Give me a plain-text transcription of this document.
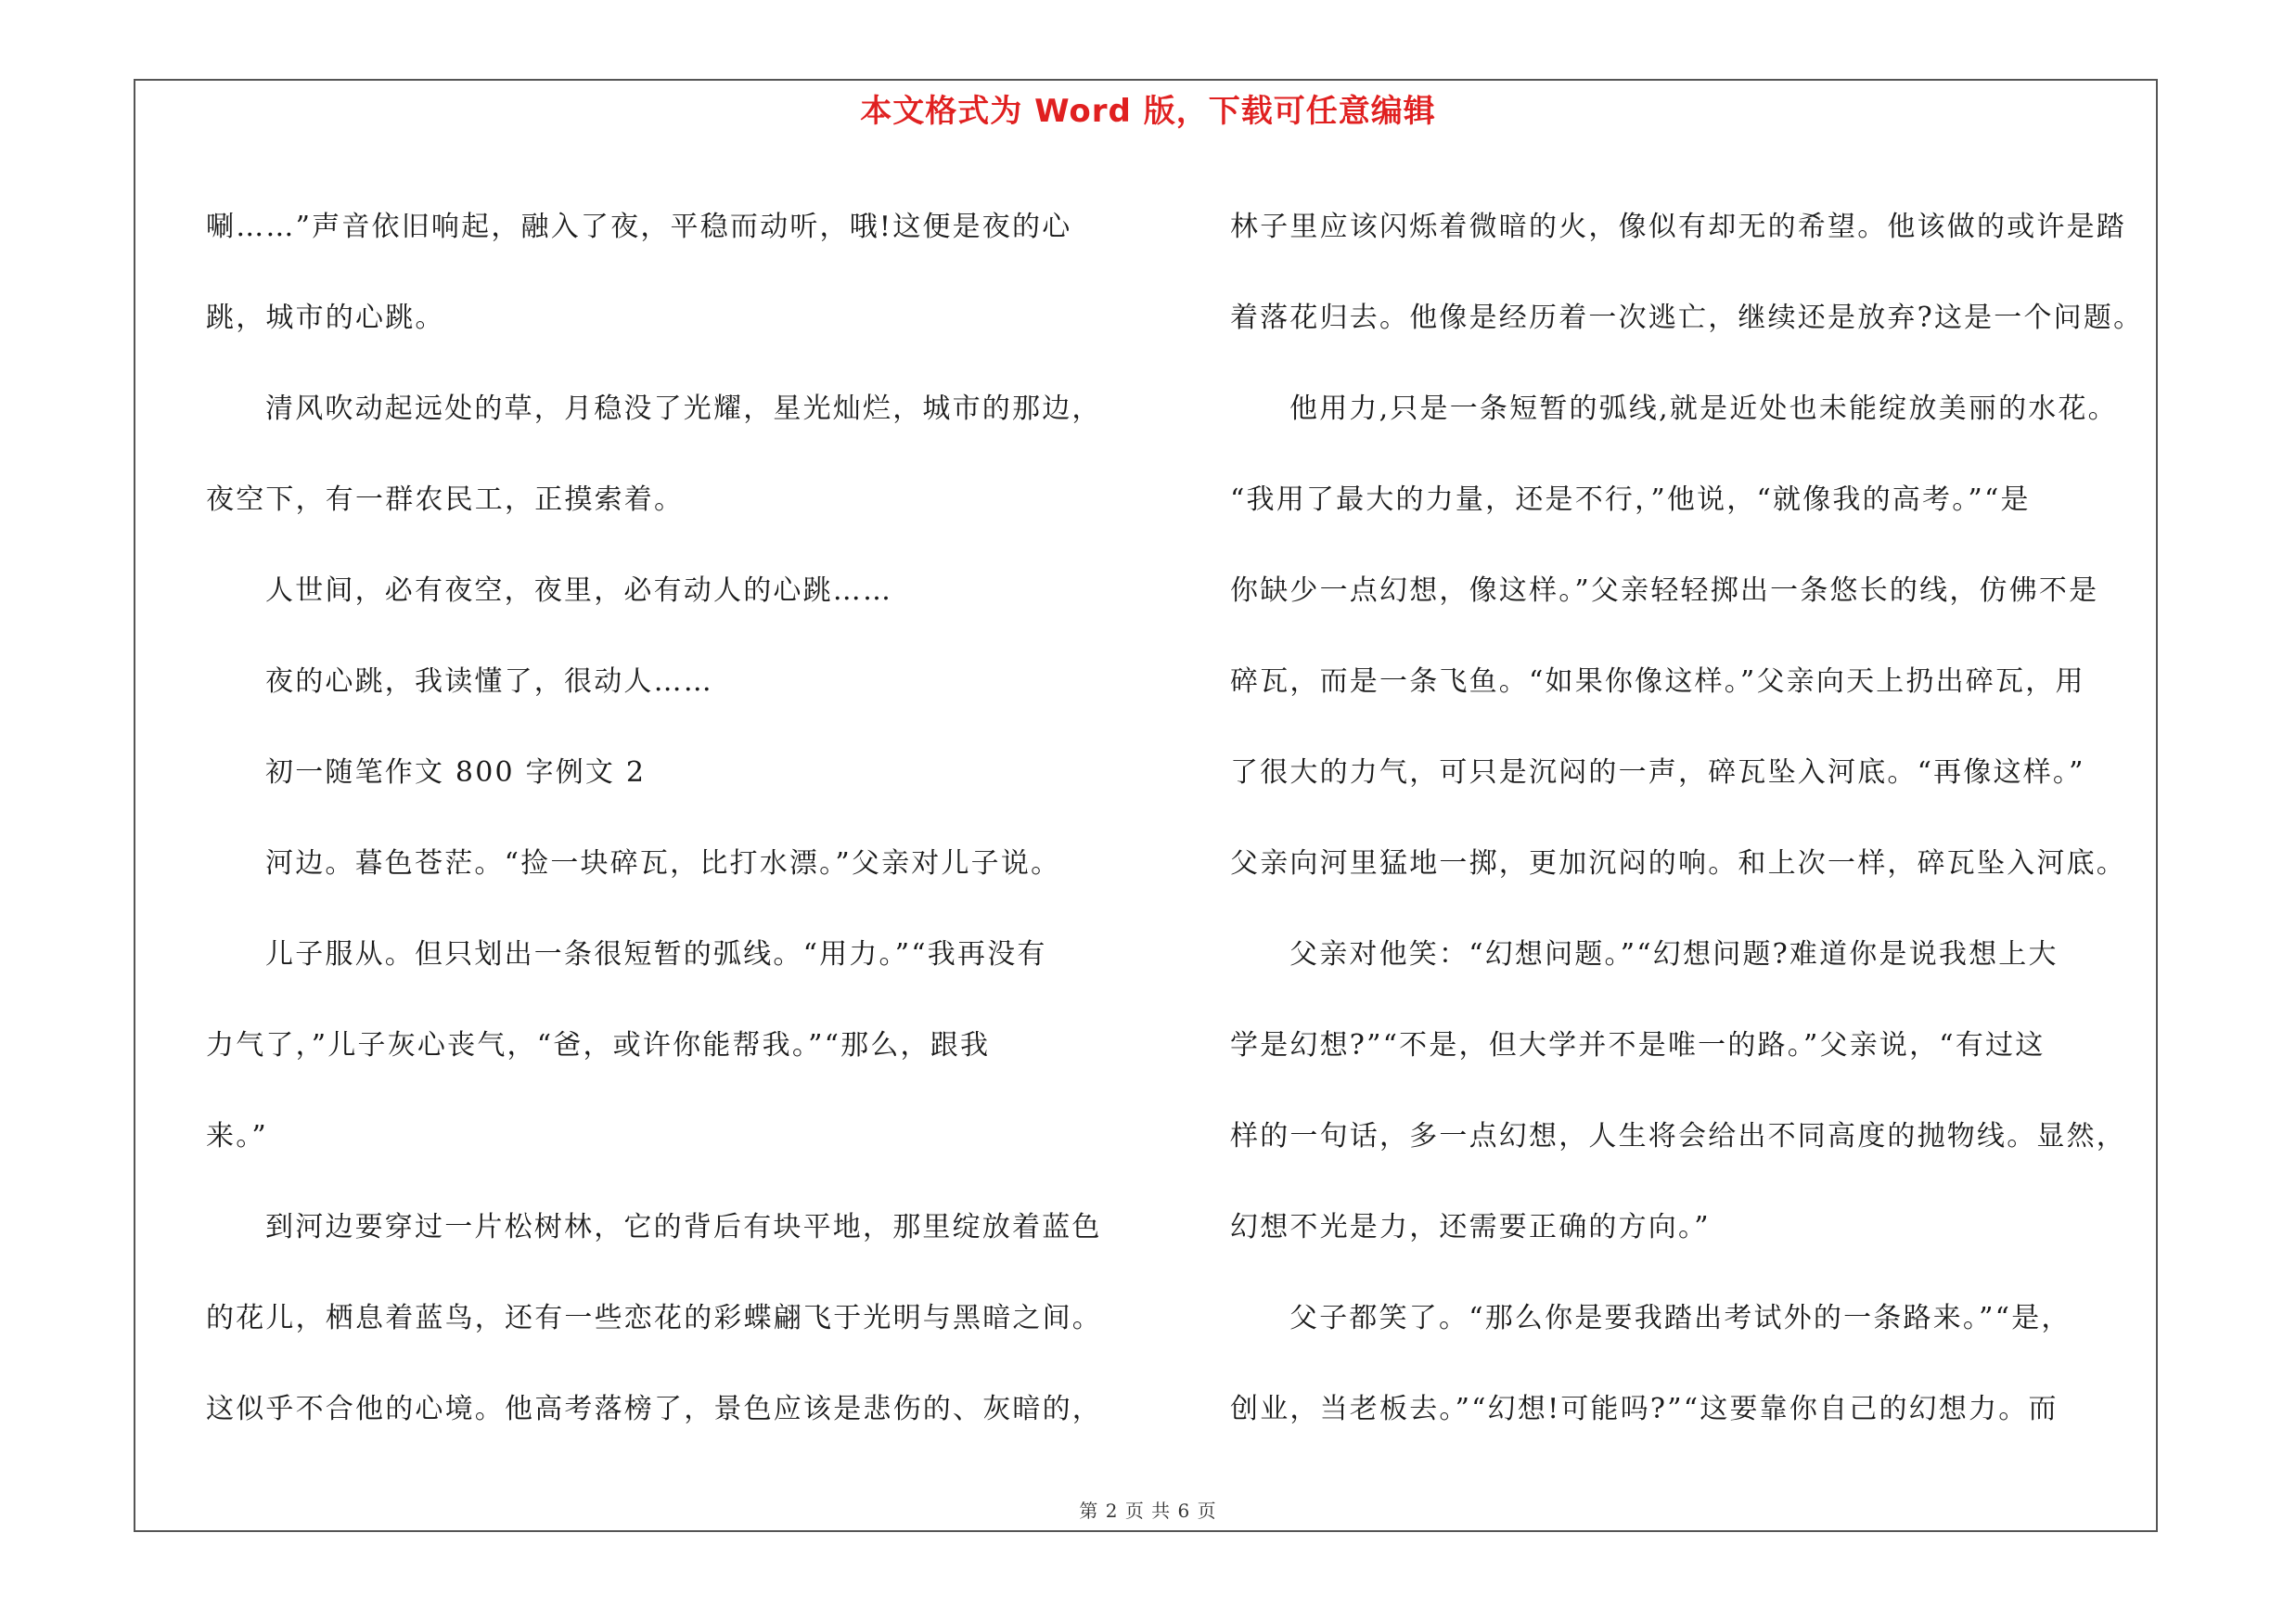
本文格式为 Word 版，下载可任意编辑
唰……”声音依旧响起，融入了夜，平稳而动听，哦!这便是夜的心
跳，城市的心跳。
清风吹动起远处的草，月稳没了光耀，星光灿烂，城市的那边，
夜空下，有一群农民工，正摸索着。
人世间，必有夜空，夜里，必有动人的心跳……
夜的心跳，我读懂了，很动人……
初一随笔作文 800 字例文 2
河边。暮色苍茫。“捡一块碎瓦，比打水漂。”父亲对儿子说。
儿子服从。但只划出一条很短暂的弧线。“用力。”“我再没有
力气了，”儿子灰心丧气，“爸，或许你能帮我。”“那么，跟我
来。”
到河边要穿过一片松树林，它的背后有块平地，那里绽放着蓝色
的花儿，栖息着蓝鸟，还有一些恋花的彩蝶翩飞于光明与黑暗之间。
这似乎不合他的心境。他高考落榜了，景色应该是悲伤的、灰暗的，
林子里应该闪烁着微暗的火，像似有却无的希望。他该做的或许是踏
着落花归去。他像是经历着一次逃亡，继续还是放弃?这是一个问题。
他用力,只是一条短暂的弧线,就是近处也未能绽放美丽的水花。
“我用了最大的力量，还是不行，”他说，“就像我的高考。”“是
你缺少一点幻想，像这样。”父亲轻轻掷出一条悠长的线，仿佛不是
碎瓦，而是一条飞鱼。“如果你像这样。”父亲向天上扔出碎瓦，用
了很大的力气，可只是沉闷的一声，碎瓦坠入河底。“再像这样。”
父亲向河里猛地一掷，更加沉闷的响。和上次一样，碎瓦坠入河底。
父亲对他笑：“幻想问题。”“幻想问题?难道你是说我想上大
学是幻想?”“不是，但大学并不是唯一的路。”父亲说，“有过这
样的一句话，多一点幻想，人生将会给出不同高度的抛物线。显然，
幻想不光是力，还需要正确的方向。”
父子都笑了。“那么你是要我踏出考试外的一条路来。”“是，
创业，当老板去。”“幻想!可能吗?”“这要靠你自己的幻想力。而
第 2 页 共 6 页
